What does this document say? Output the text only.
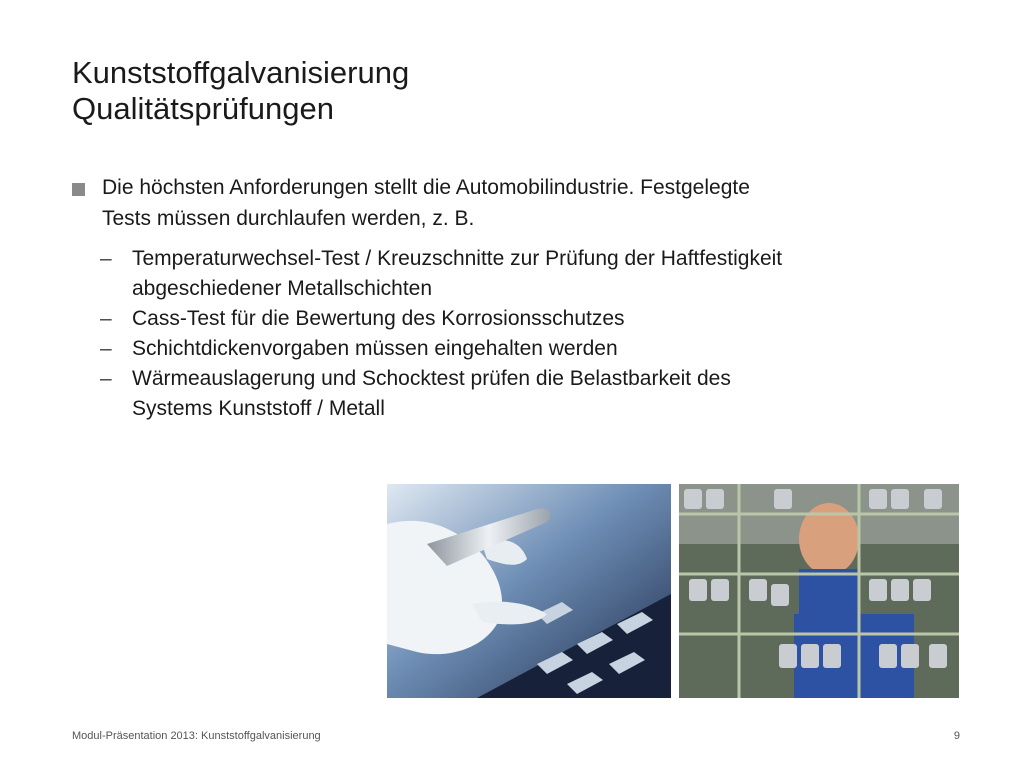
Kunststoffgalvanisierung
Qualitätsprüfungen
Die höchsten Anforderungen stellt die Automobilindustrie. Festgelegte
Tests müssen durchlaufen werden, z. B.
– Temperaturwechsel-Test / Kreuzschnitte zur Prüfung der Haftfestigkeit
abgeschiedener Metallschichten
– Cass-Test für die Bewertung des Korrosionsschutzes
– Schichtdickenvorgaben müssen eingehalten werden
– Wärmeauslagerung und Schocktest prüfen die Belastbarkeit des
Systems Kunststoff / Metall
Modul-Präsentation 2013: Kunststoffgalvanisierung	9
